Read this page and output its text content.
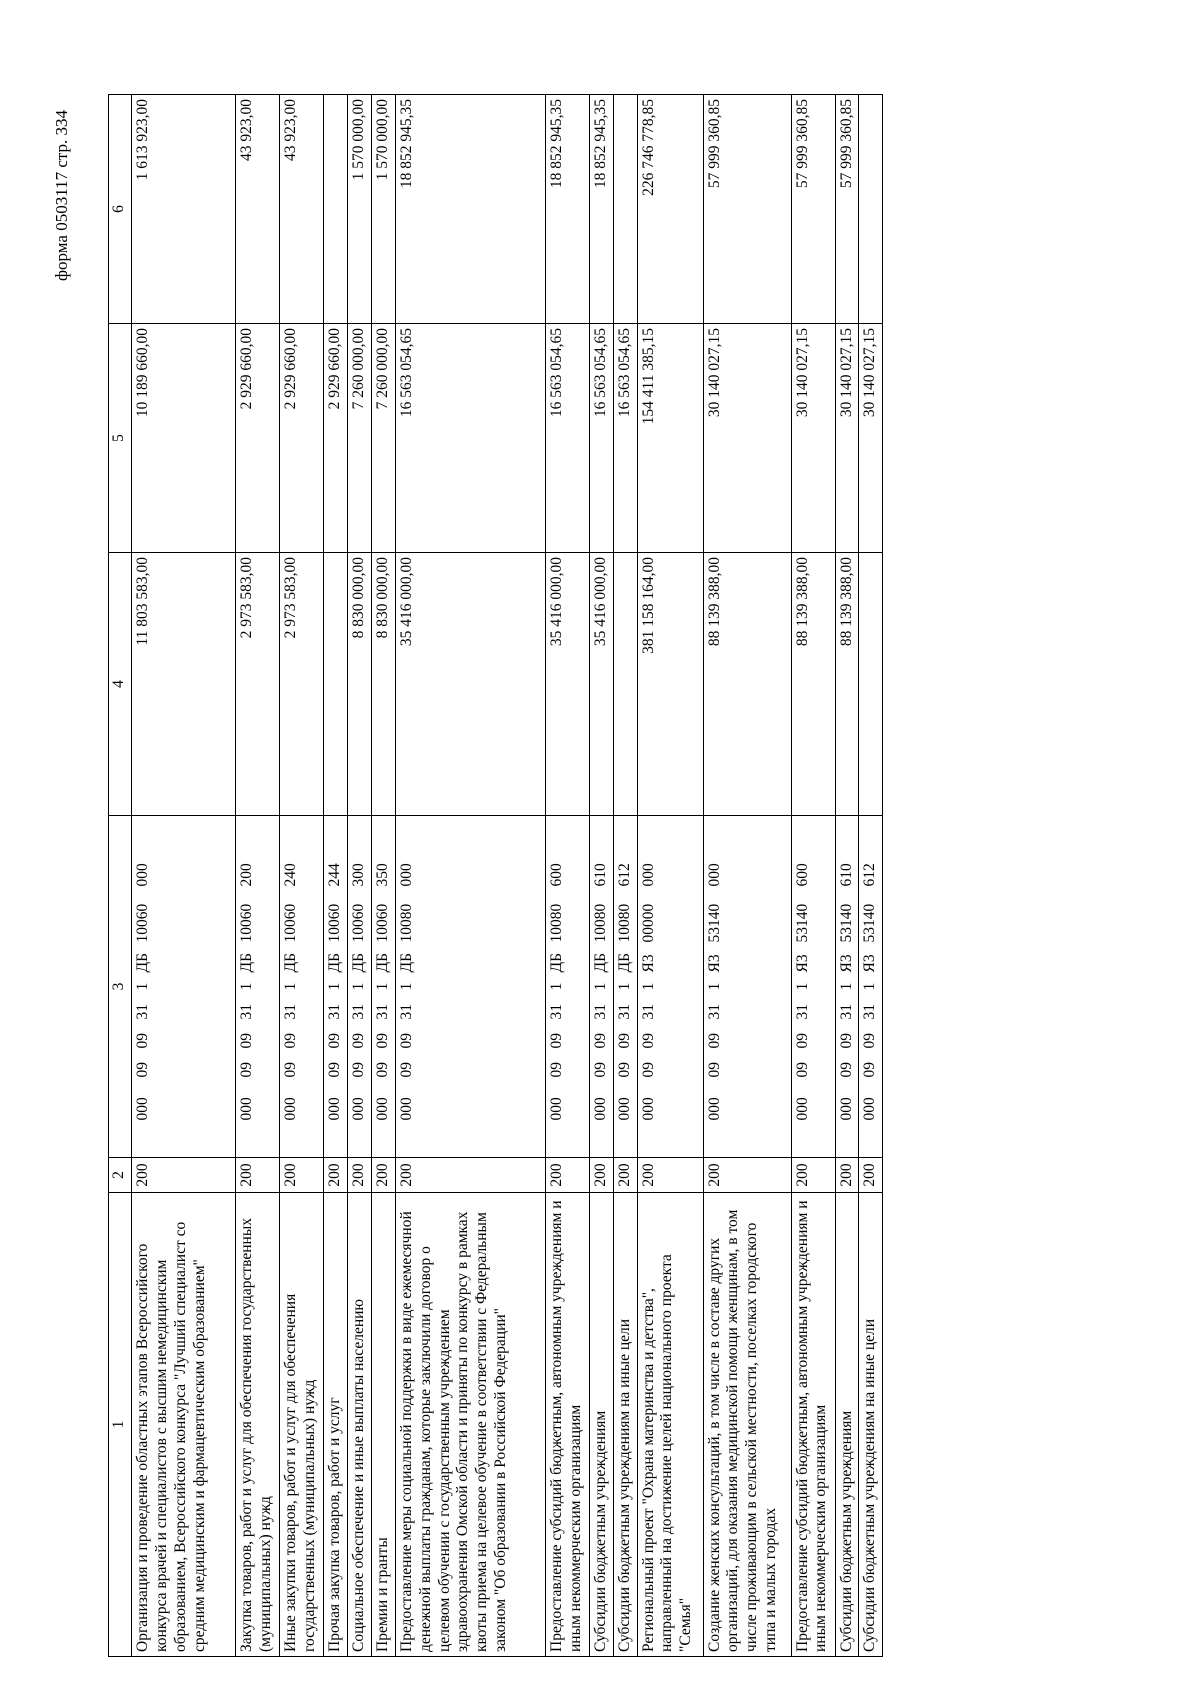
форма 0503117 стр. 334
1	2	3	4	5	6
Организация и проведение областных этапов Всероссийского конкурса врачей и специалистов с высшим немедицинским образованием, Всероссийского конкурса "Лучший специалист со средним медицинским и фармацевтическим образованием"	200	0000909311ДБ10060000	11 803 583,00	10 189 660,00	1 613 923,00
Закупка товаров, работ и услуг для обеспечения государственных (муниципальных) нужд	200	0000909311ДБ10060200	2 973 583,00	2 929 660,00	43 923,00
Иные закупки товаров, работ и услуг для обеспечения государственных (муниципальных) нужд	200	0000909311ДБ10060240	2 973 583,00	2 929 660,00	43 923,00
Прочая закупка товаров, работ и услуг	200	0000909311ДБ10060244		2 929 660,00	
Социальное обеспечение и иные выплаты населению	200	0000909311ДБ10060300	8 830 000,00	7 260 000,00	1 570 000,00
Премии и гранты	200	0000909311ДБ10060350	8 830 000,00	7 260 000,00	1 570 000,00
Предоставление меры социальной поддержки в виде ежемесячной денежной выплаты гражданам, которые заключили договор о целевом обучении с государственным учреждением здравоохранения Омской области и приняты по конкурсу в рамках квоты приема на целевое обучение в соответствии с Федеральным законом "Об образовании в Российской Федерации"	200	0000909311ДБ10080000	35 416 000,00	16 563 054,65	18 852 945,35
Предоставление субсидий бюджетным, автономным учреждениям и иным некоммерческим организациям	200	0000909311ДБ10080600	35 416 000,00	16 563 054,65	18 852 945,35
Субсидии бюджетным учреждениям	200	0000909311ДБ10080610	35 416 000,00	16 563 054,65	18 852 945,35
Субсидии бюджетным учреждениям на иные цели	200	0000909311ДБ10080612		16 563 054,65	
Региональный проект "Охрана материнства и детства", направленный на достижение целей национального проекта "Семья"	200	0000909311Я300000000	381 158 164,00	154 411 385,15	226 746 778,85
Создание женских консультаций, в том числе в составе других организаций, для оказания медицинской помощи женщинам, в том числе проживающим в сельской местности, поселках городского типа и малых городах	200	0000909311Я353140000	88 139 388,00	30 140 027,15	57 999 360,85
Предоставление субсидий бюджетным, автономным учреждениям и иным некоммерческим организациям	200	0000909311Я353140600	88 139 388,00	30 140 027,15	57 999 360,85
Субсидии бюджетным учреждениям	200	0000909311Я353140610	88 139 388,00	30 140 027,15	57 999 360,85
Субсидии бюджетным учреждениям на иные цели	200	0000909311Я353140612		30 140 027,15	
